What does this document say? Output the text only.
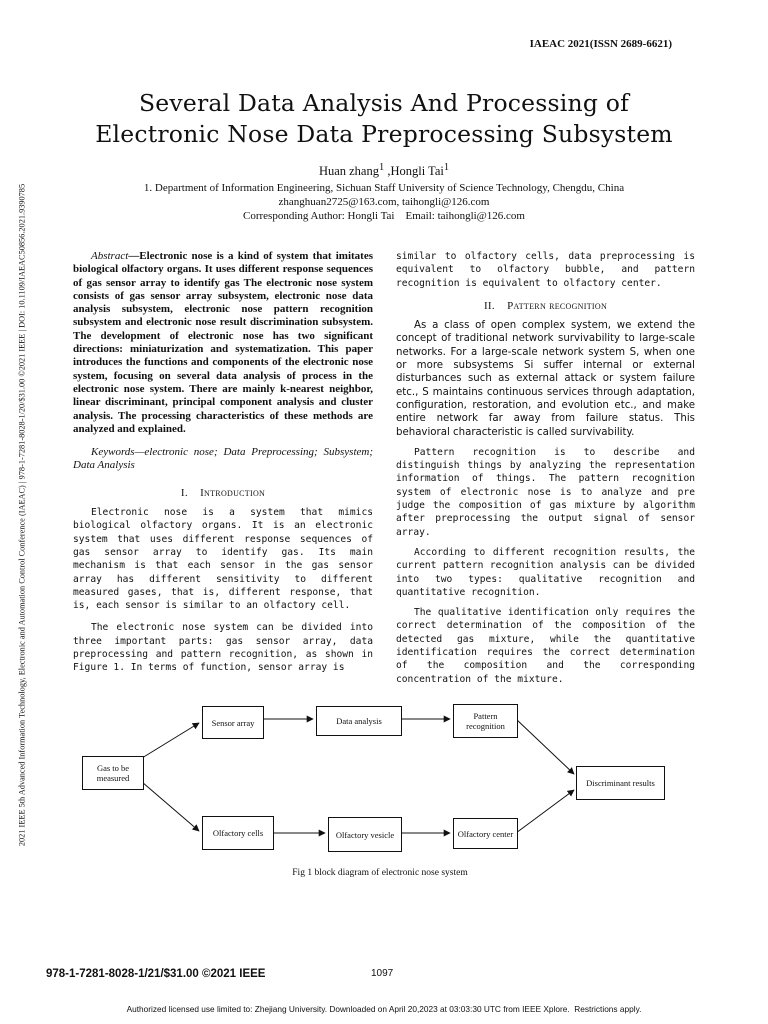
IAEAC 2021(ISSN 2689-6621)
2021 IEEE 5th Advanced Information Technology, Electronic and Automation Control Conference (IAEAC) | 978-1-7281-8028-1/20/$31.00 ©2021 IEEE | DOI: 10.1109/IAEAC50856.2021.9390785
Several Data Analysis And Processing of
Electronic Nose Data Preprocessing Subsystem
Huan zhang$^1$ ,Hongli Tai$^1$
1. Department of Information Engineering, Sichuan Staff University of Science Technology, Chengdu, China
zhanghuan2725@163.com, taihongli@126.com
Corresponding Author: Hongli Tai    Email: taihongli@126.com

Abstract—Electronic nose is a kind of system that imitates biological olfactory organs. It uses different response sequences of gas sensor array to identify gas The electronic nose system consists of gas sensor array subsystem, electronic nose data analysis subsystem, electronic nose pattern recognition subsystem and electronic nose result discrimination subsystem. The development of electronic nose has two significant directions: miniaturization and systematization. This paper introduces the functions and components of the electronic nose system, focusing on several data analysis of process in the electronic nose system. There are mainly k-nearest neighbor, linear discriminant, principal component analysis and cluster analysis. The processing characteristics of these methods are analyzed and explained.

Keywords—electronic nose; Data Preprocessing; Subsystem; Data Analysis

I. Introduction

Electronic nose is a system that mimics biological olfactory organs. It is an electronic system that uses different response sequences of gas sensor array to identify gas. Its main mechanism is that each sensor in the gas sensor array has different sensitivity to different measured gases, that is, different response, that is, each sensor is similar to an olfactory cell.

The electronic nose system can be divided into three important parts: gas sensor array, data preprocessing and pattern recognition, as shown in Figure 1. In terms of function, sensor array is

similar to olfactory cells, data preprocessing is equivalent to olfactory bubble, and pattern recognition is equivalent to olfactory center.

II. Pattern recognition

As a class of open complex system, we extend the concept of traditional network survivability to large-scale networks. For a large-scale network system S, when one or more subsystems Si suffer internal or external disturbances such as external attack or system failure etc., S maintains continuous services through adaptation, configuration, restoration, and evolution etc., and make entire network far away from failure status. This behavioral characteristic is called survivability.

Pattern recognition is to describe and distinguish things by analyzing the representation information of things. The pattern recognition system of electronic nose is to analyze and pre judge the composition of gas mixture by algorithm after preprocessing the output signal of sensor array.

According to different recognition results, the current pattern recognition analysis can be divided into two types: qualitative recognition and quantitative recognition.

The qualitative identification only requires the correct determination of the composition of the detected gas mixture, while the quantitative identification requires the correct determination of the composition and the corresponding concentration of the mixture.

Gas to be measured
Sensor array	Data analysis	Pattern recognition
Discriminant results
Olfactory cells	Olfactory vesicle	Olfactory center
Fig 1 block diagram of electronic nose system
978-1-7281-8028-1/21/$31.00 ©2021 IEEE	1097
Authorized licensed use limited to: Zhejiang University. Downloaded on April 20,2023 at 03:03:30 UTC from IEEE Xplore.  Restrictions apply.
